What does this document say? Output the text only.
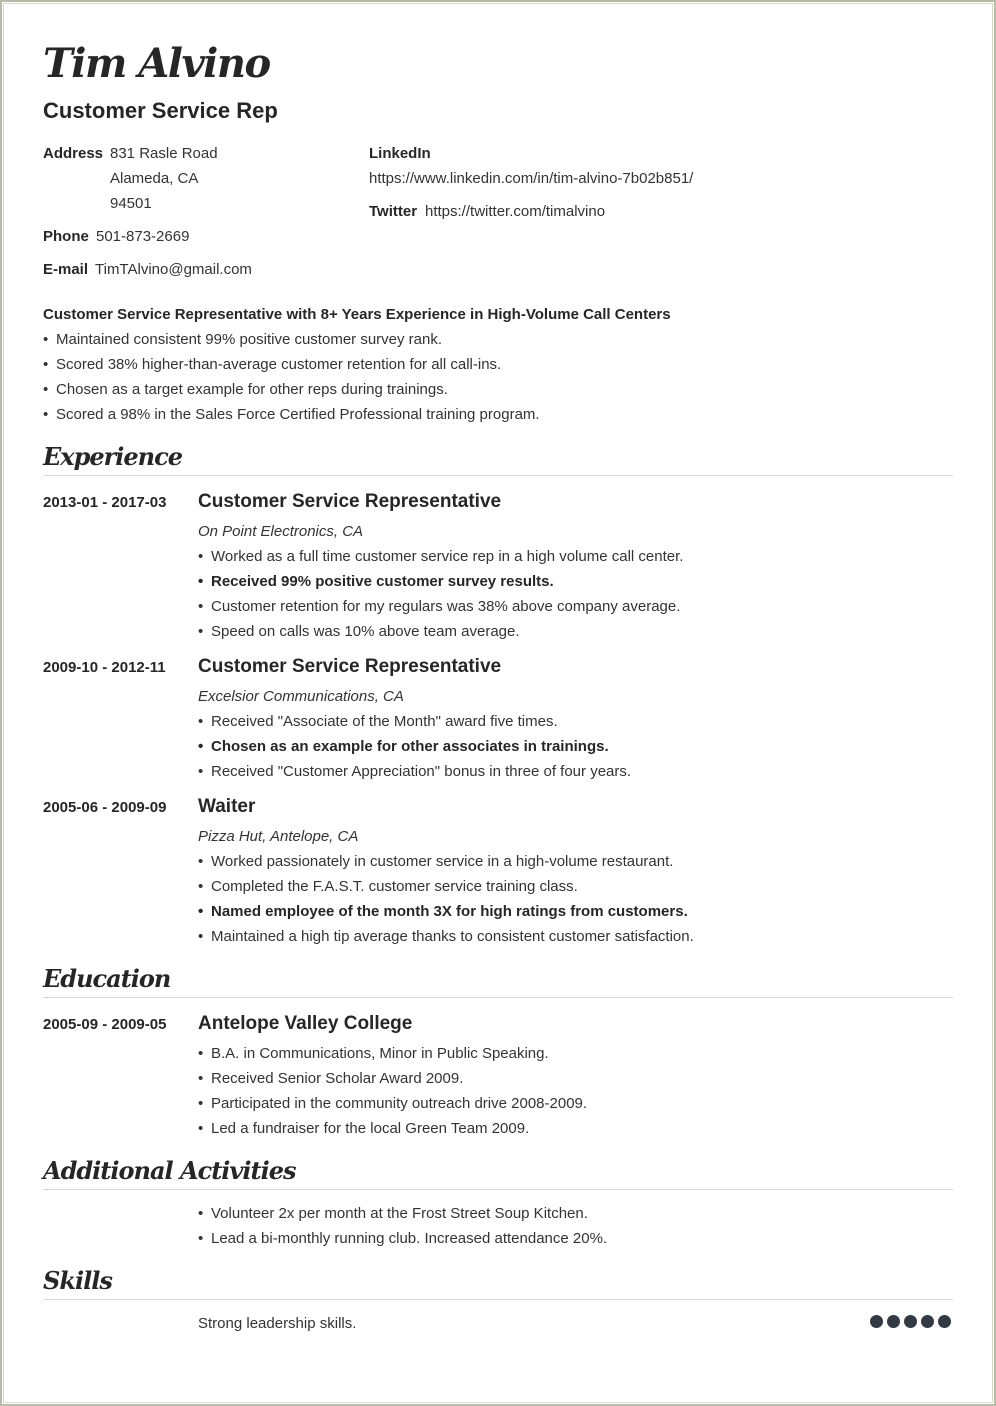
Tim Alvino
Customer Service Rep
Address 831 Rasle Road
Alameda, CA
94501
Phone 501-873-2669
E-mail TimTAlvino@gmail.com
LinkedIn
https://www.linkedin.com/in/tim-alvino-7b02b851/
Twitter https://twitter.com/timalvino
Customer Service Representative with 8+ Years Experience in High-Volume Call Centers
• Maintained consistent 99% positive customer survey rank.
• Scored 38% higher-than-average customer retention for all call-ins.
• Chosen as a target example for other reps during trainings.
• Scored a 98% in the Sales Force Certified Professional training program.
Experience
2013-01 - 2017-03 Customer Service Representative
On Point Electronics, CA
• Worked as a full time customer service rep in a high volume call center.
• Received 99% positive customer survey results.
• Customer retention for my regulars was 38% above company average.
• Speed on calls was 10% above team average.
2009-10 - 2012-11 Customer Service Representative
Excelsior Communications, CA
• Received "Associate of the Month" award five times.
• Chosen as an example for other associates in trainings.
• Received "Customer Appreciation" bonus in three of four years.
2005-06 - 2009-09 Waiter
Pizza Hut, Antelope, CA
• Worked passionately in customer service in a high-volume restaurant.
• Completed the F.A.S.T. customer service training class.
• Named employee of the month 3X for high ratings from customers.
• Maintained a high tip average thanks to consistent customer satisfaction.
Education
2005-09 - 2009-05 Antelope Valley College
• B.A. in Communications, Minor in Public Speaking.
• Received Senior Scholar Award 2009.
• Participated in the community outreach drive 2008-2009.
• Led a fundraiser for the local Green Team 2009.
Additional Activities
• Volunteer 2x per month at the Frost Street Soup Kitchen.
• Lead a bi-monthly running club. Increased attendance 20%.
Skills
Strong leadership skills.
